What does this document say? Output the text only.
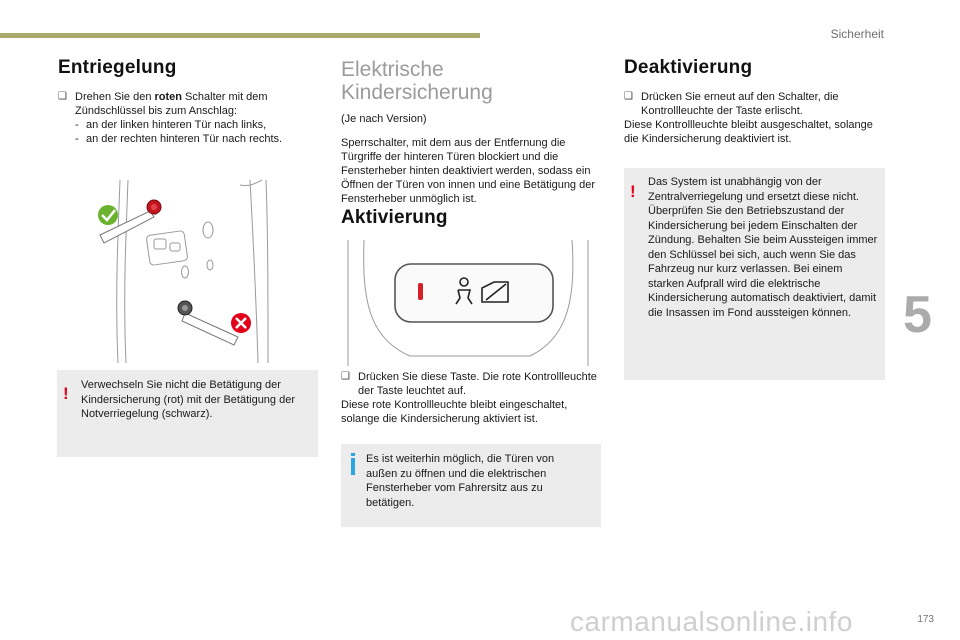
Sicherheit
5
173
Entriegelung
❑ Drehen Sie den roten Schalter mit dem Zündschlüssel bis zum Anschlag:
- an der linken hinteren Tür nach links,
- an der rechten hinteren Tür nach rechts.
! Verwechseln Sie nicht die Betätigung der Kindersicherung (rot) mit der Betätigung der Notverriegelung (schwarz).
Elektrische
Kindersicherung
(Je nach Version)
Sperrschalter, mit dem aus der Entfernung die Türgriffe der hinteren Türen blockiert und die Fensterheber hinten deaktiviert werden, sodass ein Öffnen der Türen von innen und eine Betätigung der Fensterheber unmöglich ist.
Aktivierung
❑ Drücken Sie diese Taste. Die rote Kontrollleuchte der Taste leuchtet auf.
Diese rote Kontrollleuchte bleibt eingeschaltet, solange die Kindersicherung aktiviert ist.
Es ist weiterhin möglich, die Türen von außen zu öffnen und die elektrischen Fensterheber vom Fahrersitz aus zu betätigen.
Deaktivierung
❑ Drücken Sie erneut auf den Schalter, die Kontrollleuchte der Taste erlischt.
Diese Kontrollleuchte bleibt ausgeschaltet, solange die Kindersicherung deaktiviert ist.
! Das System ist unabhängig von der Zentralverriegelung und ersetzt diese nicht. Überprüfen Sie den Betriebszustand der Kindersicherung bei jedem Einschalten der Zündung. Behalten Sie beim Aussteigen immer den Schlüssel bei sich, auch wenn Sie das Fahrzeug nur kurz verlassen. Bei einem starken Aufprall wird die elektrische Kindersicherung automatisch deaktiviert, damit die Insassen im Fond aussteigen können.
carmanualsonline.info
